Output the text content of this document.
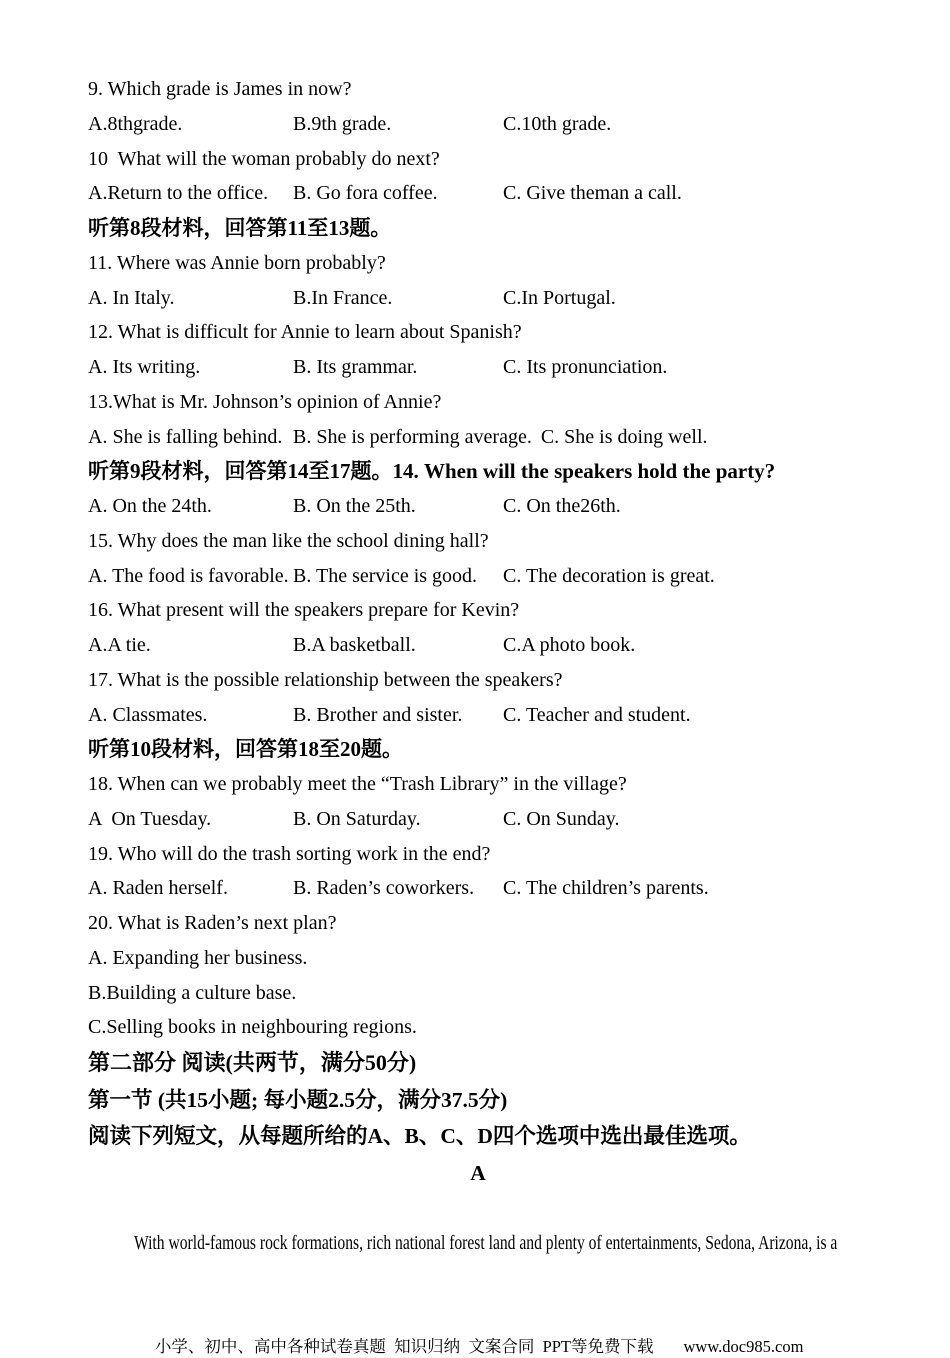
9. Which grade is James in now?
A.8thgrade.	B.9th grade.	C.10th grade.
10  What will the woman probably do next?
A.Return to the office.	B. Go fora coffee.	C. Give theman a call.
听第8段材料，回答第11至13题。
11. Where was Annie born probably?
A. In Italy.	B.In France.	C.In Portugal.
12. What is difficult for Annie to learn about Spanish?
A. Its writing.	B. Its grammar.	C. Its pronunciation.
13.What is Mr. Johnson’s opinion of Annie?
A. She is falling behind. B. She is performing average. C. She is doing well.
听第9段材料，回答第14至17题。14. When will the speakers hold the party?
A. On the 24th.	B. On the 25th.	C. On the26th.
15. Why does the man like the school dining hall?
A. The food is favorable. B. The service is good.	C. The decoration is great.
16. What present will the speakers prepare for Kevin?
A.A tie.	B.A basketball.	C.A photo book.
17. What is the possible relationship between the speakers?
A. Classmates.	B. Brother and sister.	C. Teacher and student.
听第10段材料，回答第18至20题。
18. When can we probably meet the “Trash Library” in the village?
A  On Tuesday.	B. On Saturday.	C. On Sunday.
19. Who will do the trash sorting work in the end?
A. Raden herself.	B. Raden’s coworkers.	C. The children’s parents.
20. What is Raden’s next plan?
A. Expanding her business.
B.Building a culture base.
C.Selling books in neighbouring regions.
第二部分 阅读(共两节，满分50分)
第一节 (共15小题; 每小题2.5分，满分37.5分)
阅读下列短文，从每题所给的A、B、C、D四个选项中选出最佳选项。
A

With world-famous rock formations, rich national forest land and plenty of entertainments, Sedona, Arizona, is a

小学、初中、高中各种试卷真题  知识归纳  文案合同  PPT等免费下载 www.doc985.com
